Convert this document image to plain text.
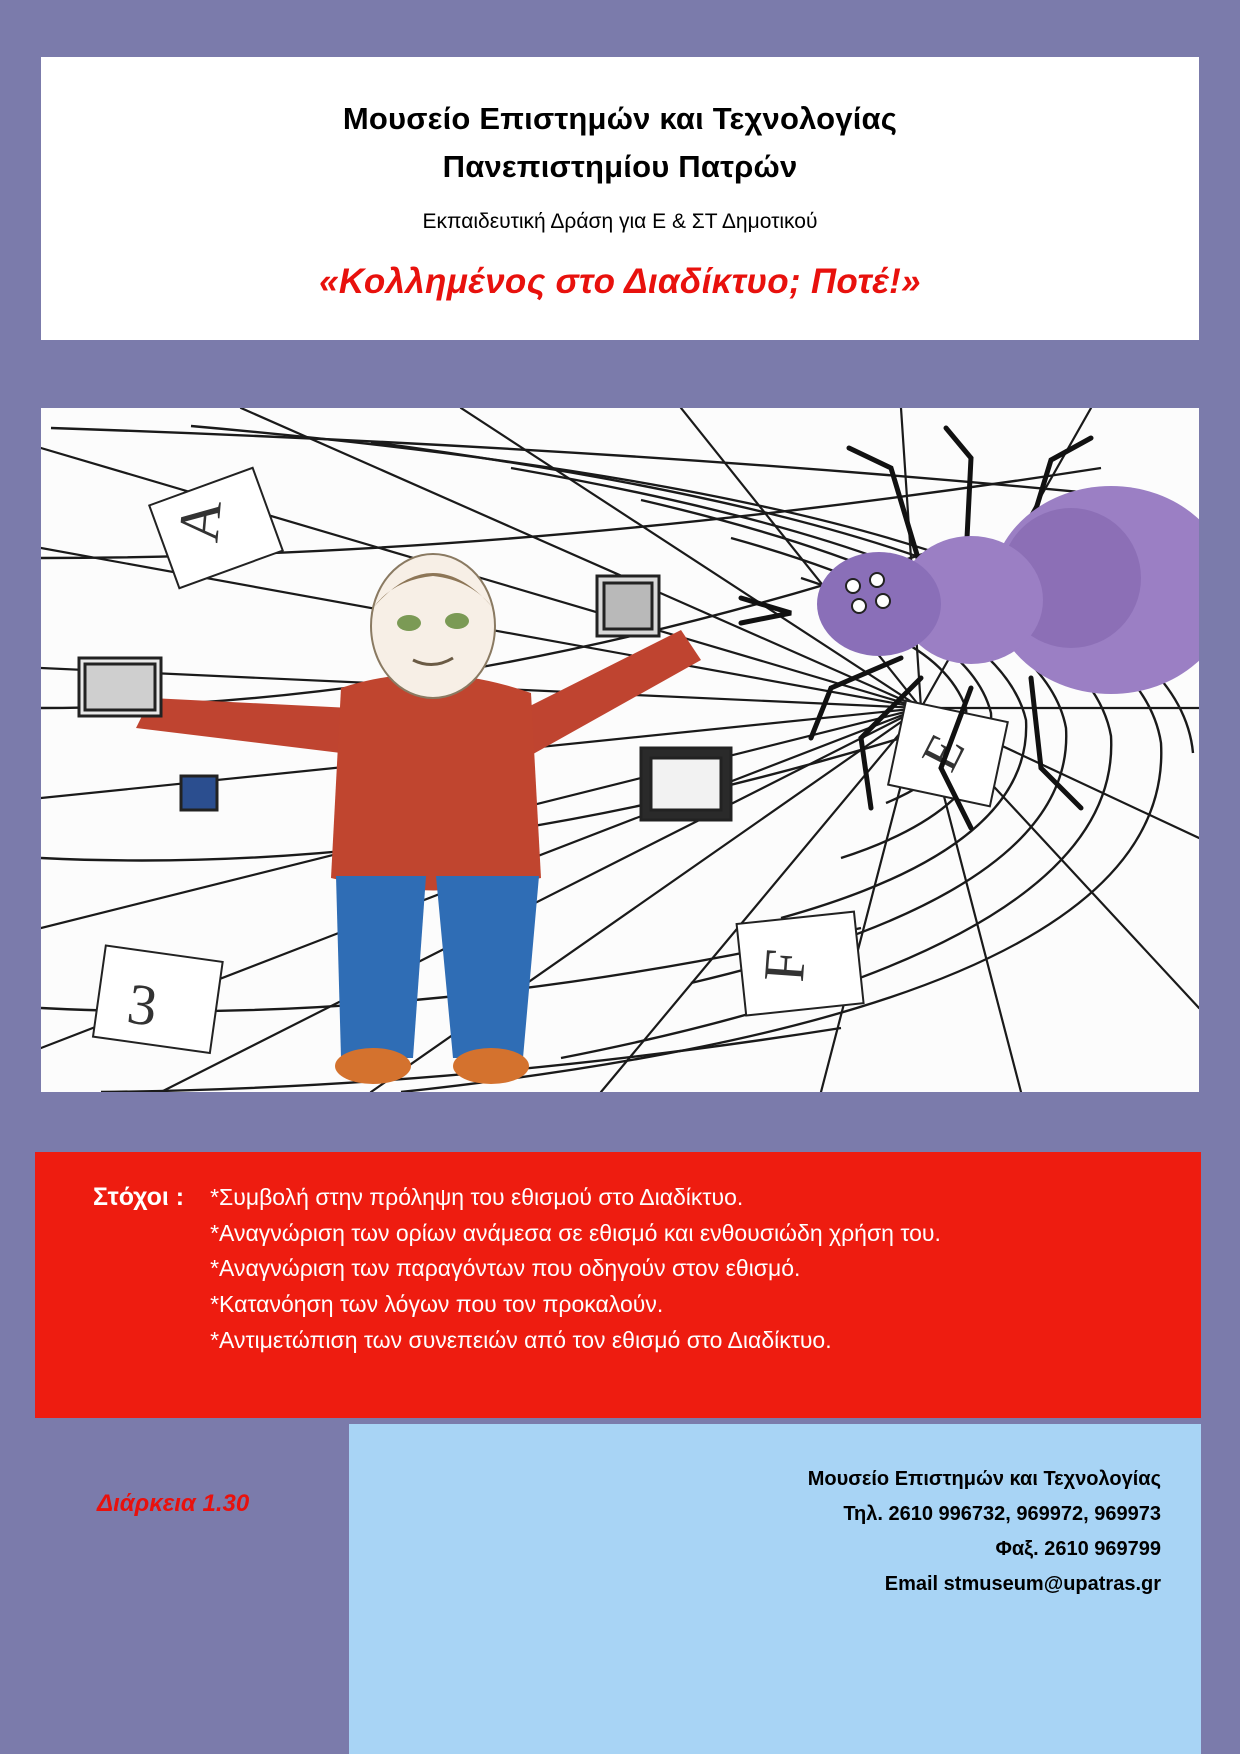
Μουσείο Επιστημών και Τεχνολογίας
Πανεπιστημίου Πατρών
Εκπαιδευτική Δράση για Ε & ΣΤ Δημοτικού
«Κολλημένος στο Διαδίκτυο; Ποτέ!»
A
E
F
3
Στόχοι :	*Συμβολή στην πρόληψη του εθισμού στο Διαδίκτυο.
*Αναγνώριση των ορίων ανάμεσα σε εθισμό και ενθουσιώδη χρήση του.
*Αναγνώριση των παραγόντων που οδηγούν στον εθισμό.
*Κατανόηση των λόγων που τον προκαλούν.
*Αντιμετώπιση των συνεπειών από τον εθισμό στο Διαδίκτυο.
Μουσείο Επιστημών και Τεχνολογίας
Τηλ. 2610 996732, 969972, 969973
Φαξ. 2610 969799
Email stmuseum@upatras.gr
Διάρκεια 1.30
